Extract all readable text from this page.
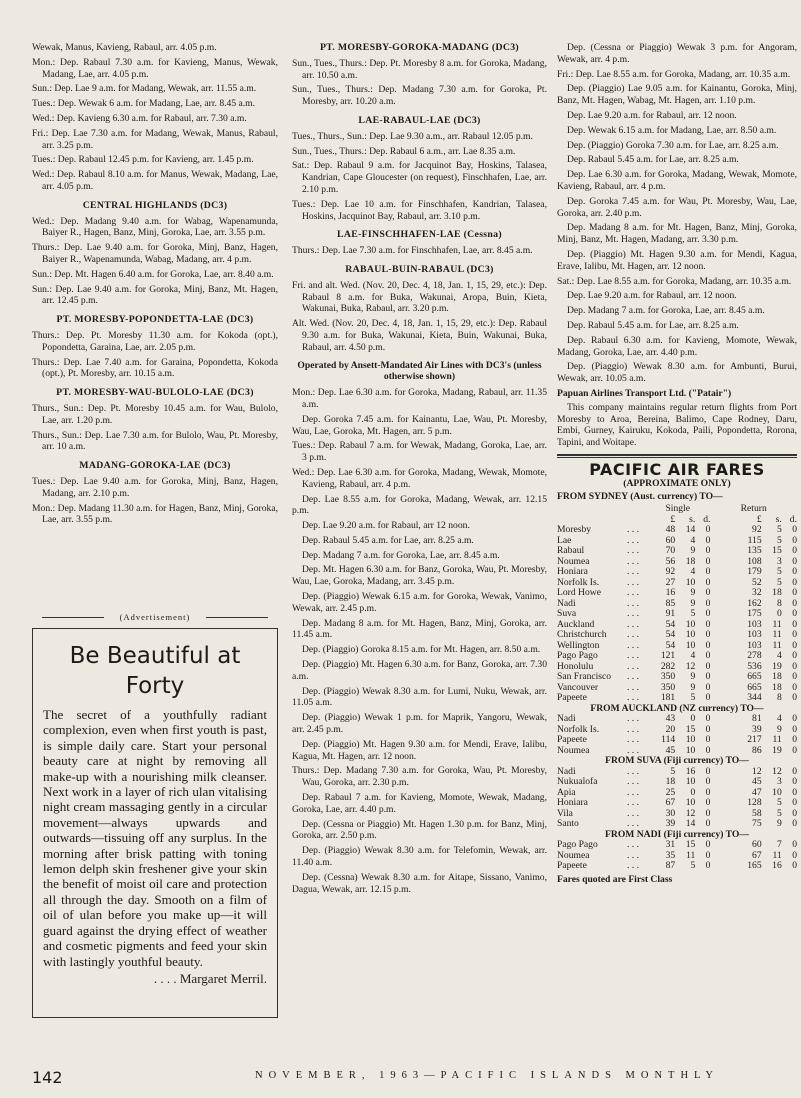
Wewak, Manus, Kavieng, Rabaul, arr. 4.05 p.m.

Mon.: Dep. Rabaul 7.30 a.m. for Kavieng, Manus, Wewak, Madang, Lae, arr. 4.05 p.m.

Sun.: Dep. Lae 9 a.m. for Madang, Wewak, arr. 11.55 a.m.

Tues.: Dep. Wewak 6 a.m. for Madang, Lae, arr. 8.45 a.m.

Wed.: Dep. Kavieng 6.30 a.m. for Rabaul, arr. 7.30 a.m.

Fri.: Dep. Lae 7.30 a.m. for Madang, Wewak, Manus, Rabaul, arr. 3.25 p.m.

Tues.: Dep. Rabaul 12.45 p.m. for Kavieng, arr. 1.45 p.m.

Wed.: Dep. Rabaul 8.10 a.m. for Manus, Wewak, Madang, Lae, arr. 4.05 p.m.

CENTRAL HIGHLANDS (DC3)

Wed.: Dep. Madang 9.40 a.m. for Wabag, Wapenamunda, Baiyer R., Hagen, Banz, Minj, Goroka, Lae, arr. 3.55 p.m.

Thurs.: Dep. Lae 9.40 a.m. for Goroka, Minj, Banz, Hagen, Baiyer R., Wapenamunda, Wabag, Madang, arr. 4 p.m.

Sun.: Dep. Mt. Hagen 6.40 a.m. for Goroka, Lae, arr. 8.40 a.m.

Sun.: Dep. Lae 9.40 a.m. for Goroka, Minj, Banz, Mt. Hagen, arr. 12.45 p.m.

PT. MORESBY-POPONDETTA-LAE (DC3)

Thurs.: Dep. Pt. Moresby 11.30 a.m. for Kokoda (opt.), Popondetta, Garaina, Lae, arr. 2.05 p.m.

Thurs.: Dep. Lae 7.40 a.m. for Garaina, Popondetta, Kokoda (opt.), Pt. Moresby, arr. 10.15 a.m.

PT. MORESBY-WAU-BULOLO-LAE (DC3)

Thurs., Sun.: Dep. Pt. Moresby 10.45 a.m. for Wau, Bulolo, Lae, arr. 1.20 p.m.

Thurs., Sun.: Dep. Lae 7.30 a.m. for Bulolo, Wau, Pt. Moresby, arr. 10 a.m.

MADANG-GOROKA-LAE (DC3)

Tues.: Dep. Lae 9.40 a.m. for Goroka, Minj, Banz, Hagen, Madang, arr. 2.10 p.m.

Mon.: Dep. Madang 11.30 a.m. for Hagen, Banz, Minj, Goroka, Lae, arr. 3.55 p.m.

(Advertisement)
Be Beautiful at Forty

The secret of a youthfully radiant complexion, even when first youth is past, is simple daily care. Start your personal beauty care at night by removing all make-up with a nourishing milk cleanser. Next work in a layer of rich ulan vitalising night cream massaging gently in a circular movement—always upwards and outwards—tissuing off any surplus. In the morning after brisk patting with toning lemon delph skin freshener give your skin the benefit of moist oil care and protection all through the day. Smooth on a film of oil of ulan before you make up—it will guard against the drying effect of weather and cosmetic pigments and feed your skin with lastingly youthful beauty.

. . . . Margaret Merril.
PT. MORESBY-GOROKA-MADANG (DC3)

Sun., Tues., Thurs.: Dep. Pt. Moresby 8 a.m. for Goroka, Madang, arr. 10.50 a.m.

Sun., Tues., Thurs.: Dep. Madang 7.30 a.m. for Goroka, Pt. Moresby, arr. 10.20 a.m.

LAE-RABAUL-LAE (DC3)

Tues., Thurs., Sun.: Dep. Lae 9.30 a.m., arr. Rabaul 12.05 p.m.

Sun., Tues., Thurs.: Dep. Rabaul 6 a.m., arr. Lae 8.35 a.m.

Sat.: Dep. Rabaul 9 a.m. for Jacquinot Bay, Hoskins, Talasea, Kandrian, Cape Gloucester (on request), Finschhafen, Lae, arr. 2.10 p.m.

Tues.: Dep. Lae 10 a.m. for Finschhafen, Kandrian, Talasea, Hoskins, Jacquinot Bay, Rabaul, arr. 3.10 p.m.

LAE-FINSCHHAFEN-LAE (Cessna)

Thurs.: Dep. Lae 7.30 a.m. for Finschhafen, Lae, arr. 8.45 a.m.

RABAUL-BUIN-RABAUL (DC3)

Fri. and alt. Wed. (Nov. 20, Dec. 4, 18, Jan. 1, 15, 29, etc.): Dep. Rabaul 8 a.m. for Buka, Wakunai, Aropa, Buin, Kieta, Wakunai, Buka, Rabaul, arr. 3.20 p.m.

Alt. Wed. (Nov. 20, Dec. 4, 18, Jan. 1, 15, 29, etc.): Dep. Rabaul 9.30 a.m. for Buka, Wakunai, Kieta, Buin, Wakunai, Buka, Rabaul, arr. 4.50 p.m.

Operated by Ansett-Mandated Air Lines with DC3's (unless otherwise shown)

Mon.: Dep. Lae 6.30 a.m. for Goroka, Madang, Rabaul, arr. 11.35 a.m.

Dep. Goroka 7.45 a.m. for Kainantu, Lae, Wau, Pt. Moresby, Wau, Lae, Goroka, Mt. Hagen, arr. 5 p.m.

Tues.: Dep. Rabaul 7 a.m. for Wewak, Madang, Goroka, Lae, arr. 3 p.m.

Wed.: Dep. Lae 6.30 a.m. for Goroka, Madang, Wewak, Momote, Kavieng, Rabaul, arr. 4 p.m.

Dep. Lae 8.55 a.m. for Goroka, Madang, Wewak, arr. 12.15 p.m.

Dep. Lae 9.20 a.m. for Rabaul, arr 12 noon.

Dep. Rabaul 5.45 a.m. for Lae, arr. 8.25 a.m.

Dep. Madang 7 a.m. for Goroka, Lae, arr. 8.45 a.m.

Dep. Mt. Hagen 6.30 a.m. for Banz, Goroka, Wau, Pt. Moresby, Wau, Lae, Goroka, Madang, arr. 3.45 p.m.

Dep. (Piaggio) Wewak 6.15 a.m. for Goroka, Wewak, Vanimo, Wewak, arr. 2.45 p.m.

Dep. Madang 8 a.m. for Mt. Hagen, Banz, Minj, Goroka, arr. 11.45 a.m.

Dep. (Piaggio) Goroka 8.15 a.m. for Mt. Hagen, arr. 8.50 a.m.

Dep. (Piaggio) Mt. Hagen 6.30 a.m. for Banz, Goroka, arr. 7.30 a.m.

Dep. (Piaggio) Wewak 8.30 a.m. for Lumi, Nuku, Wewak, arr. 11.05 a.m.

Dep. (Piaggio) Wewak 1 p.m. for Maprik, Yangoru, Wewak, arr. 2.45 p.m.

Dep. (Piaggio) Mt. Hagen 9.30 a.m. for Mendi, Erave, Ialibu, Kagua, Mt. Hagen, arr. 12 noon.

Thurs.: Dep. Madang 7.30 a.m. for Goroka, Wau, Pt. Moresby, Wau, Goroka, arr. 2.30 p.m.

Dep. Rabaul 7 a.m. for Kavieng, Momote, Wewak, Madang, Goroka, Lae, arr. 4.40 p.m.

Dep. (Cessna or Piaggio) Mt. Hagen 1.30 p.m. for Banz, Minj, Goroka, arr. 2.50 p.m.

Dep. (Piaggio) Wewak 8.30 a.m. for Telefomin, Wewak, arr. 11.40 a.m.

Dep. (Cessna) Wewak 8.30 a.m. for Aitape, Sissano, Vanimo, Dagua, Wewak, arr. 12.15 p.m.

Dep. (Cessna or Piaggio) Wewak 3 p.m. for Angoram, Wewak, arr. 4 p.m.

Fri.: Dep. Lae 8.55 a.m. for Goroka, Madang, arr. 10.35 a.m.

Dep. (Piaggio) Lae 9.05 a.m. for Kainantu, Goroka, Minj, Banz, Mt. Hagen, Wabag, Mt. Hagen, arr. 1.10 p.m.

Dep. Lae 9.20 a.m. for Rabaul, arr. 12 noon.

Dep. Wewak 6.15 a.m. for Madang, Lae, arr. 8.50 a.m.

Dep. (Piaggio) Goroka 7.30 a.m. for Lae, arr. 8.25 a.m.

Dep. Rabaul 5.45 a.m. for Lae, arr. 8.25 a.m.

Dep. Lae 6.30 a.m. for Goroka, Madang, Wewak, Momote, Kavieng, Rabaul, arr. 4 p.m.

Dep. Goroka 7.45 a.m. for Wau, Pt. Moresby, Wau, Lae, Goroka, arr. 2.40 p.m.

Dep. Madang 8 a.m. for Mt. Hagen, Banz, Minj, Goroka, Minj, Banz, Mt. Hagen, Madang, arr. 3.30 p.m.

Dep. (Piaggio) Mt. Hagen 9.30 a.m. for Mendi, Kagua, Erave, Ialibu, Mt. Hagen, arr. 12 noon.

Sat.: Dep. Lae 8.55 a.m. for Goroka, Madang, arr. 10.35 a.m.

Dep. Lae 9.20 a.m. for Rabaul, arr. 12 noon.

Dep. Madang 7 a.m. for Goroka, Lae, arr. 8.45 a.m.

Dep. Rabaul 5.45 a.m. for Lae, arr. 8.25 a.m.

Dep. Rabaul 6.30 a.m. for Kavieng, Momote, Wewak, Madang, Goroka, Lae, arr. 4.40 p.m.

Dep. (Piaggio) Wewak 8.30 a.m. for Ambunti, Burui, Wewak, arr. 10.05 a.m.

Papuan Airlines Transport Ltd. ("Patair")

This company maintains regular return flights from Port Moresby to Aroa, Bereina, Balimo, Cape Rodney, Daru, Embi, Gurney, Kairuku, Kokoda, Paili, Popondetta, Rorona, Tapini, and Woitape.

PACIFIC AIR FARES
(APPROXIMATE ONLY)
FROM SYDNEY (Aust. currency) TO—
		Single			Return		
		£	s.	d.	£	s.	d.
Moresby	. . .	48	14	0	92	5	0
Lae	. . .	60	4	0	115	5	0
Rabaul	. . .	70	9	0	135	15	0
Noumea	. . .	56	18	0	108	3	0
Honiara	. . .	92	4	0	179	5	0
Norfolk Is.	. . .	27	10	0	52	5	0
Lord Howe	. . .	16	9	0	32	18	0
Nadi	. . .	85	9	0	162	8	0
Suva	. . .	91	5	0	175	0	0
Auckland	. . .	54	10	0	103	11	0
Christchurch	. . .	54	10	0	103	11	0
Wellington	. . .	54	10	0	103	11	0
Pago Pago	. . .	121	4	0	278	4	0
Honolulu	. . .	282	12	0	536	19	0
San Francisco	. . .	350	9	0	665	18	0
Vancouver	. . .	350	9	0	665	18	0
Papeete	. . .	181	5	0	344	8	0
FROM AUCKLAND (NZ currency) TO—							
Nadi	. . .	43	0	0	81	4	0
Norfolk Is.	. . .	20	15	0	39	9	0
Papeete	. . .	114	10	0	217	11	0
Noumea	. . .	45	10	0	86	19	0
FROM SUVA (Fiji currency) TO—							
Nadi	. . .	5	16	0	12	12	0
Nukualofa	. . .	18	10	0	45	3	0
Apia	. . .	25	0	0	47	10	0
Honiara	. . .	67	10	0	128	5	0
Vila	. . .	30	12	0	58	5	0
Santo	. . .	39	14	0	75	9	0
FROM NADI (Fiji currency) TO—							
Pago Pago	. . .	31	15	0	60	7	0
Noumea	. . .	35	11	0	67	11	0
Papeete	. . .	87	5	0	165	16	0
Fares quoted are First Class
142	NOVEMBER, 1963—PACIFIC ISLANDS MONTHLY
